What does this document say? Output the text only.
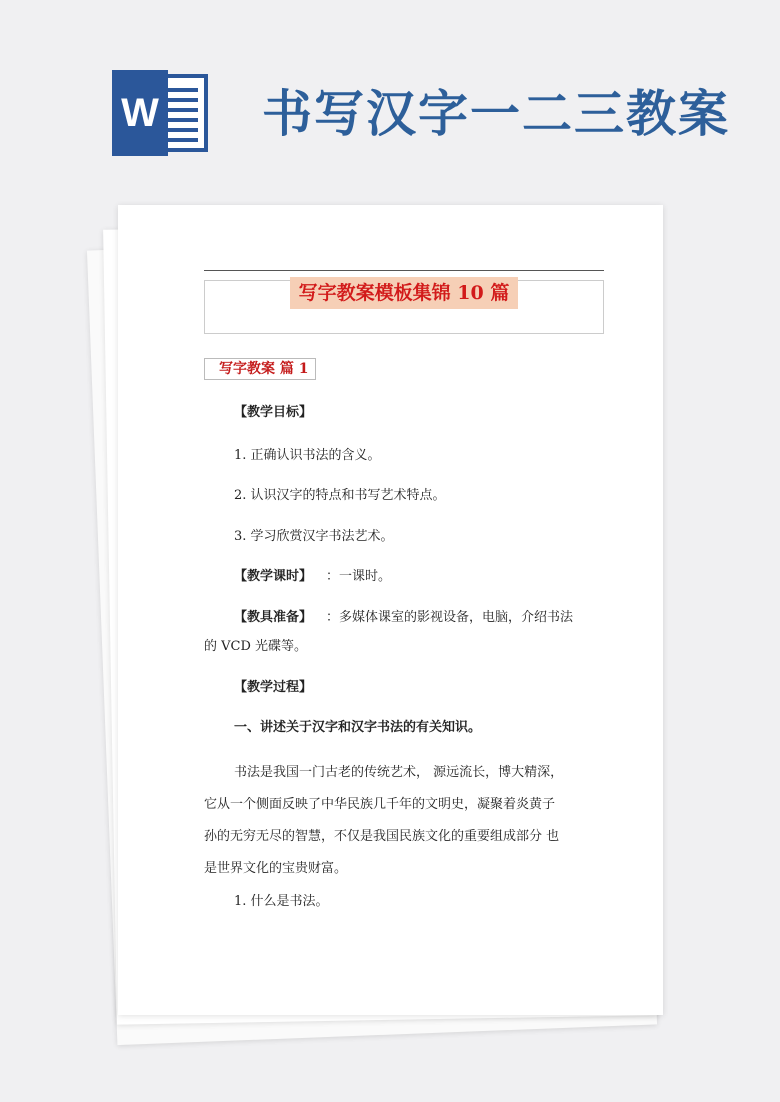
W 书写汉字一二三教案
写字教案模板集锦 10 篇
写字教案 篇 1
【教学目标】
1. 正确认识书法的含义。
2. 认识汉字的特点和书写艺术特点。
3. 学习欣赏汉字书法艺术。
【教学课时】 ：一课时。
【教具准备】 ：多媒体课室的影视设备，电脑，介绍书法
的 VCD 光碟等。
【教学过程】
一、讲述关于汉字和汉字书法的有关知识。
书法是我国一门古老的传统艺术， 源远流长，博大精深，
它从一个侧面反映了中华民族几千年的文明史，凝聚着炎黄子
孙的无穷无尽的智慧，不仅是我国民族文化的重要组成部分 也
是世界文化的宝贵财富。
1. 什么是书法。
